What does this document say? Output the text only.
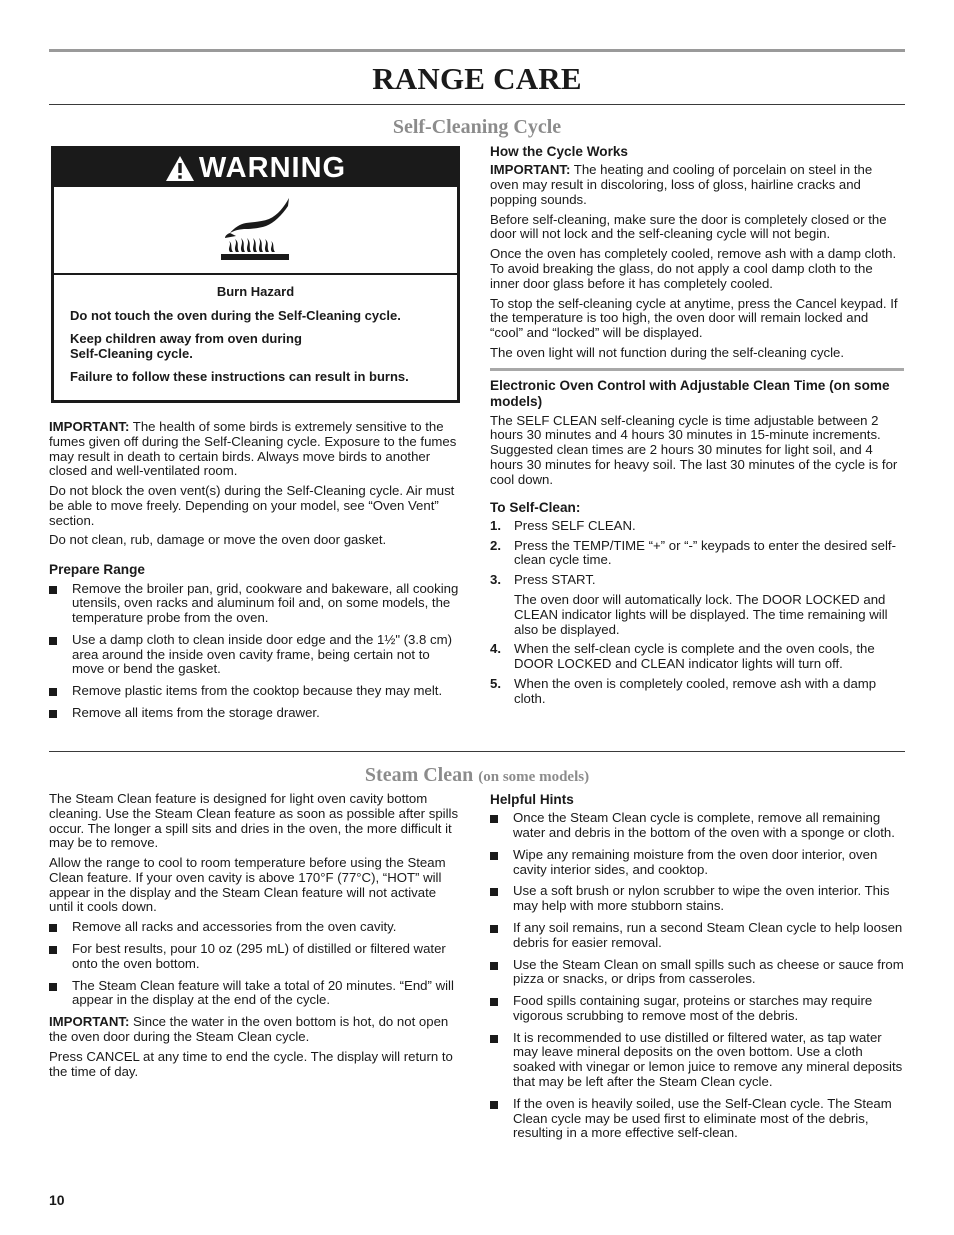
RANGE CARE
Self-Cleaning Cycle
WARNING

Burn Hazard

Do not touch the oven during the Self-Cleaning cycle.

Keep children away from oven during Self-Cleaning cycle.

Failure to follow these instructions can result in burns.

IMPORTANT: The health of some birds is extremely sensitive to the fumes given off during the Self-Cleaning cycle. Exposure to the fumes may result in death to certain birds. Always move birds to another closed and well-ventilated room.

Do not block the oven vent(s) during the Self-Cleaning cycle. Air must be able to move freely. Depending on your model, see “Oven Vent” section.

Do not clean, rub, damage or move the oven door gasket.

Prepare Range
Remove the broiler pan, grid, cookware and bakeware, all cooking utensils, oven racks and aluminum foil and, on some models, the temperature probe from the oven.
Use a damp cloth to clean inside door edge and the 1½" (3.8 cm) area around the inside oven cavity frame, being certain not to move or bend the gasket.
Remove plastic items from the cooktop because they may melt.
Remove all items from the storage drawer.
How the Cycle Works

IMPORTANT: The heating and cooling of porcelain on steel in the oven may result in discoloring, loss of gloss, hairline cracks and popping sounds.

Before self-cleaning, make sure the door is completely closed or the door will not lock and the self-cleaning cycle will not begin.

Once the oven has completely cooled, remove ash with a damp cloth. To avoid breaking the glass, do not apply a cool damp cloth to the inner door glass before it has completely cooled.

To stop the self-cleaning cycle at anytime, press the Cancel keypad. If the temperature is too high, the oven door will remain locked and “cool” and “locked” will be displayed.

The oven light will not function during the self-cleaning cycle.

Electronic Oven Control with Adjustable Clean Time (on some models)

The SELF CLEAN self-cleaning cycle is time adjustable between 2 hours 30 minutes and 4 hours 30 minutes in 15-minute increments. Suggested clean times are 2 hours 30 minutes for light soil, and 4 hours 30 minutes for heavy soil. The last 30 minutes of the cycle is for cool down.

To Self-Clean:
1. Press SELF CLEAN.
2. Press the TEMP/TIME “+” or “-” keypads to enter the desired self-clean cycle time.
3. Press START.

The oven door will automatically lock. The DOOR LOCKED and CLEAN indicator lights will be displayed. The time remaining will also be displayed.

4. When the self-clean cycle is complete and the oven cools, the DOOR LOCKED and CLEAN indicator lights will turn off.
5. When the oven is completely cooled, remove ash with a damp cloth.
Steam Clean (on some models)

The Steam Clean feature is designed for light oven cavity bottom cleaning. Use the Steam Clean feature as soon as possible after spills occur. The longer a spill sits and dries in the oven, the more difficult it may be to remove.

Allow the range to cool to room temperature before using the Steam Clean feature. If your oven cavity is above 170°F (77°C), “HOT” will appear in the display and the Steam Clean feature will not activate until it cools down.

Remove all racks and accessories from the oven cavity.
For best results, pour 10 oz (295 mL) of distilled or filtered water onto the oven bottom.
The Steam Clean feature will take a total of 20 minutes. “End” will appear in the display at the end of the cycle.

IMPORTANT: Since the water in the oven bottom is hot, do not open the oven door during the Steam Clean cycle.

Press CANCEL at any time to end the cycle. The display will return to the time of day.

Helpful Hints
Once the Steam Clean cycle is complete, remove all remaining water and debris in the bottom of the oven with a sponge or cloth.
Wipe any remaining moisture from the oven door interior, oven cavity interior sides, and cooktop.
Use a soft brush or nylon scrubber to wipe the oven interior. This may help with more stubborn stains.
If any soil remains, run a second Steam Clean cycle to help loosen debris for easier removal.
Use the Steam Clean on small spills such as cheese or sauce from pizza or snacks, or drips from casseroles.
Food spills containing sugar, proteins or starches may require vigorous scrubbing to remove most of the debris.
It is recommended to use distilled or filtered water, as tap water may leave mineral deposits on the oven bottom. Use a cloth soaked with vinegar or lemon juice to remove any mineral deposits that may be left after the Steam Clean cycle.
If the oven is heavily soiled, use the Self-Clean cycle. The Steam Clean cycle may be used first to eliminate most of the debris, resulting in a more effective self-clean.
10
